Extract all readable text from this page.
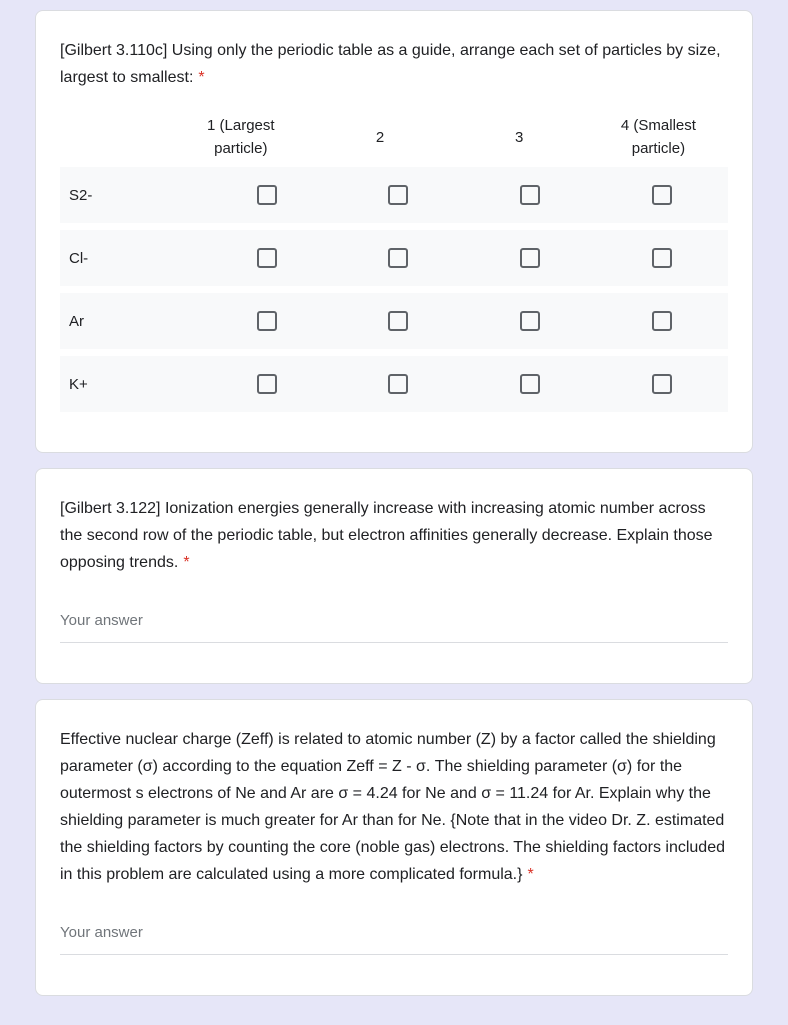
[Gilbert 3.110c] Using only the periodic table as a guide, arrange each set of particles by size, largest to smallest: *

1 (Largest particle)
2	3
4 (Smallest particle)
S2-
Cl-
Ar
K+

[Gilbert 3.122] Ionization energies generally increase with increasing atomic number across the second row of the periodic table, but electron affinities generally decrease. Explain those opposing trends. *

Your answer

Effective nuclear charge (Zeff) is related to atomic number (Z) by a factor called the shielding parameter (σ) according to the equation Zeff = Z - σ. The shielding parameter (σ) for the outermost s electrons of Ne and Ar are σ = 4.24 for Ne and σ = 11.24 for Ar. Explain why the shielding parameter is much greater for Ar than for Ne. {Note that in the video Dr. Z. estimated the shielding factors by counting the core (noble gas) electrons. The shielding factors included in this problem are calculated using a more complicated formula.} *

Your answer
